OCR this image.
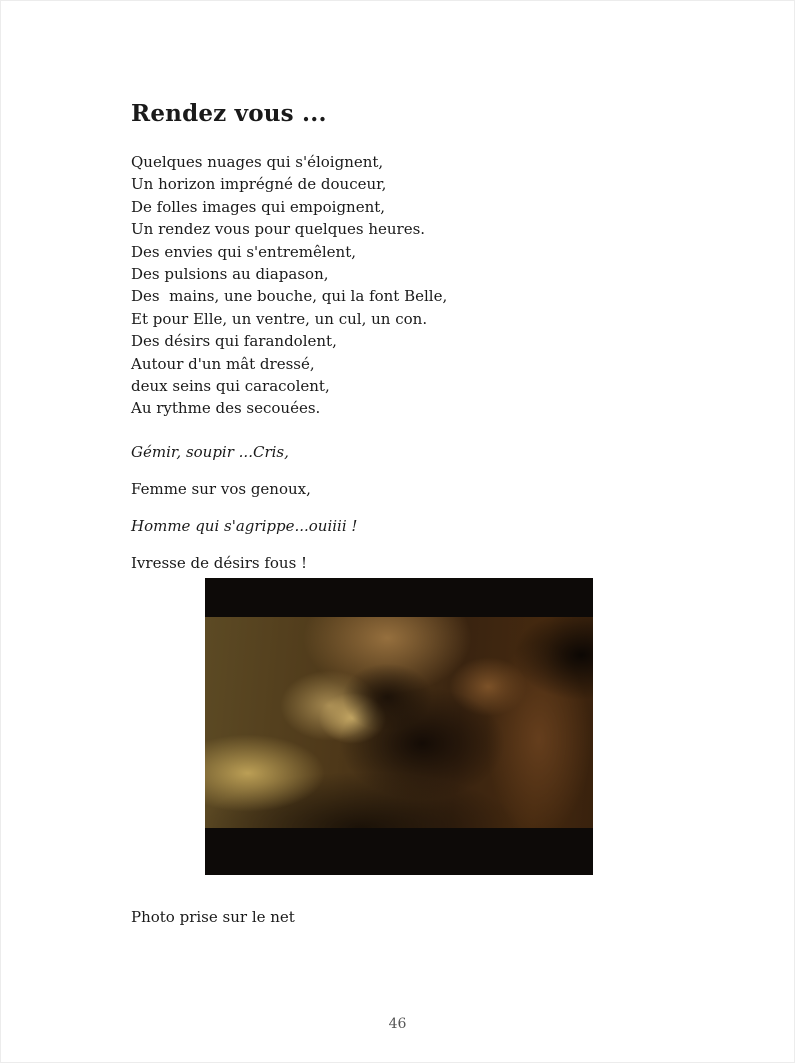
Rendez vous ...
Quelques nuages qui s'éloignent,
Un horizon imprégné de douceur,
De folles images qui empoignent,
Un rendez vous pour quelques heures.
Des envies qui s'entremêlent,
Des pulsions au diapason,
Des  mains, une bouche, qui la font Belle,
Et pour Elle, un ventre, un cul, un con.
Des désirs qui farandolent,
Autour d'un mât dressé,
deux seins qui caracolent,
Au rythme des secouées.

Gémir, soupir ...Cris,

Femme sur vos genoux,

Homme qui s'agrippe...ouiiii !

Ivresse de désirs fous !

Photo prise sur le net
46
